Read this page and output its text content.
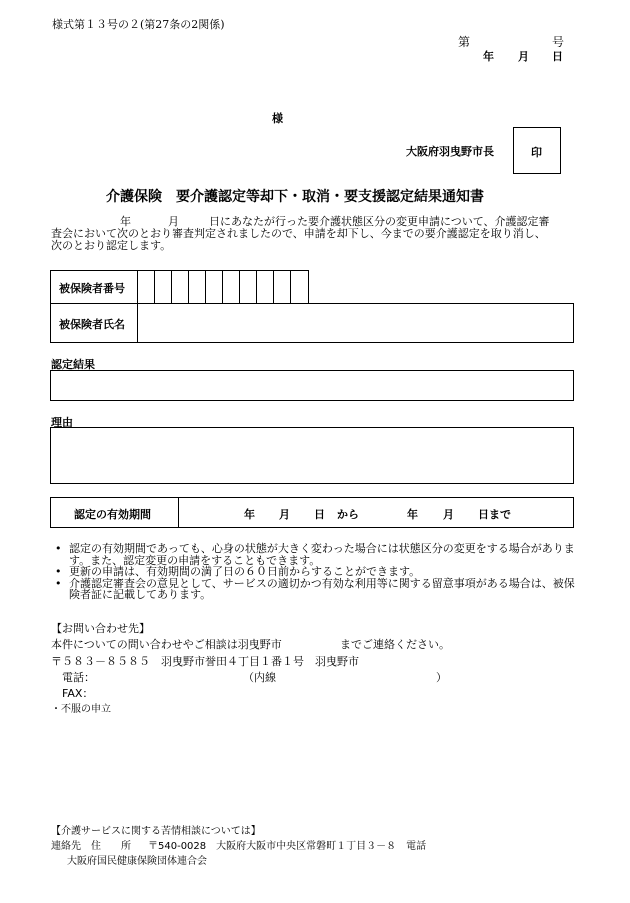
様式第１３号の２(第27条の2関係)
第	号
年 月 日
様
大阪府羽曳野市長	印
介護保険　要介護認定等却下・取消・要支援認定結果通知書

年	月	日にあなたが行った要介護状態区分の変更申請について、介護認定審

査会において次のとおり審査判定されましたので、申請を却下し、今までの要介護認定を取り消し、

次のとおり認定します。

被保険者番号
被保険者氏名
認定結果
理由
認定の有効期間	年 月 日 から	年 月 日まで
• 認定の有効期間であっても、心身の状態が大きく変わった場合には状態区分の変更をする場合があります。また、認定変更の申請をすることもできます。
• 更新の申請は、有効期間の満了日の６０日前からすることができます。
• 介護認定審査会の意見として、サービスの適切かつ有効な利用等に関する留意事項がある場合は、被保険者証に記載してあります。
【お問い合わせ先】
本件についての問い合わせやご相談は羽曳野市	までご連絡ください。
〒５８３－８５８５　羽曳野市誉田４丁目１番１号　羽曳野市
電話：	（内線	）
FAX：
・不服の申立
【介護サービスに関する苦情相談については】
連絡先　住　　所 〒540-0028　大阪府大阪市中央区常磐町１丁目３－８　電話
大阪府国民健康保険団体連合会
